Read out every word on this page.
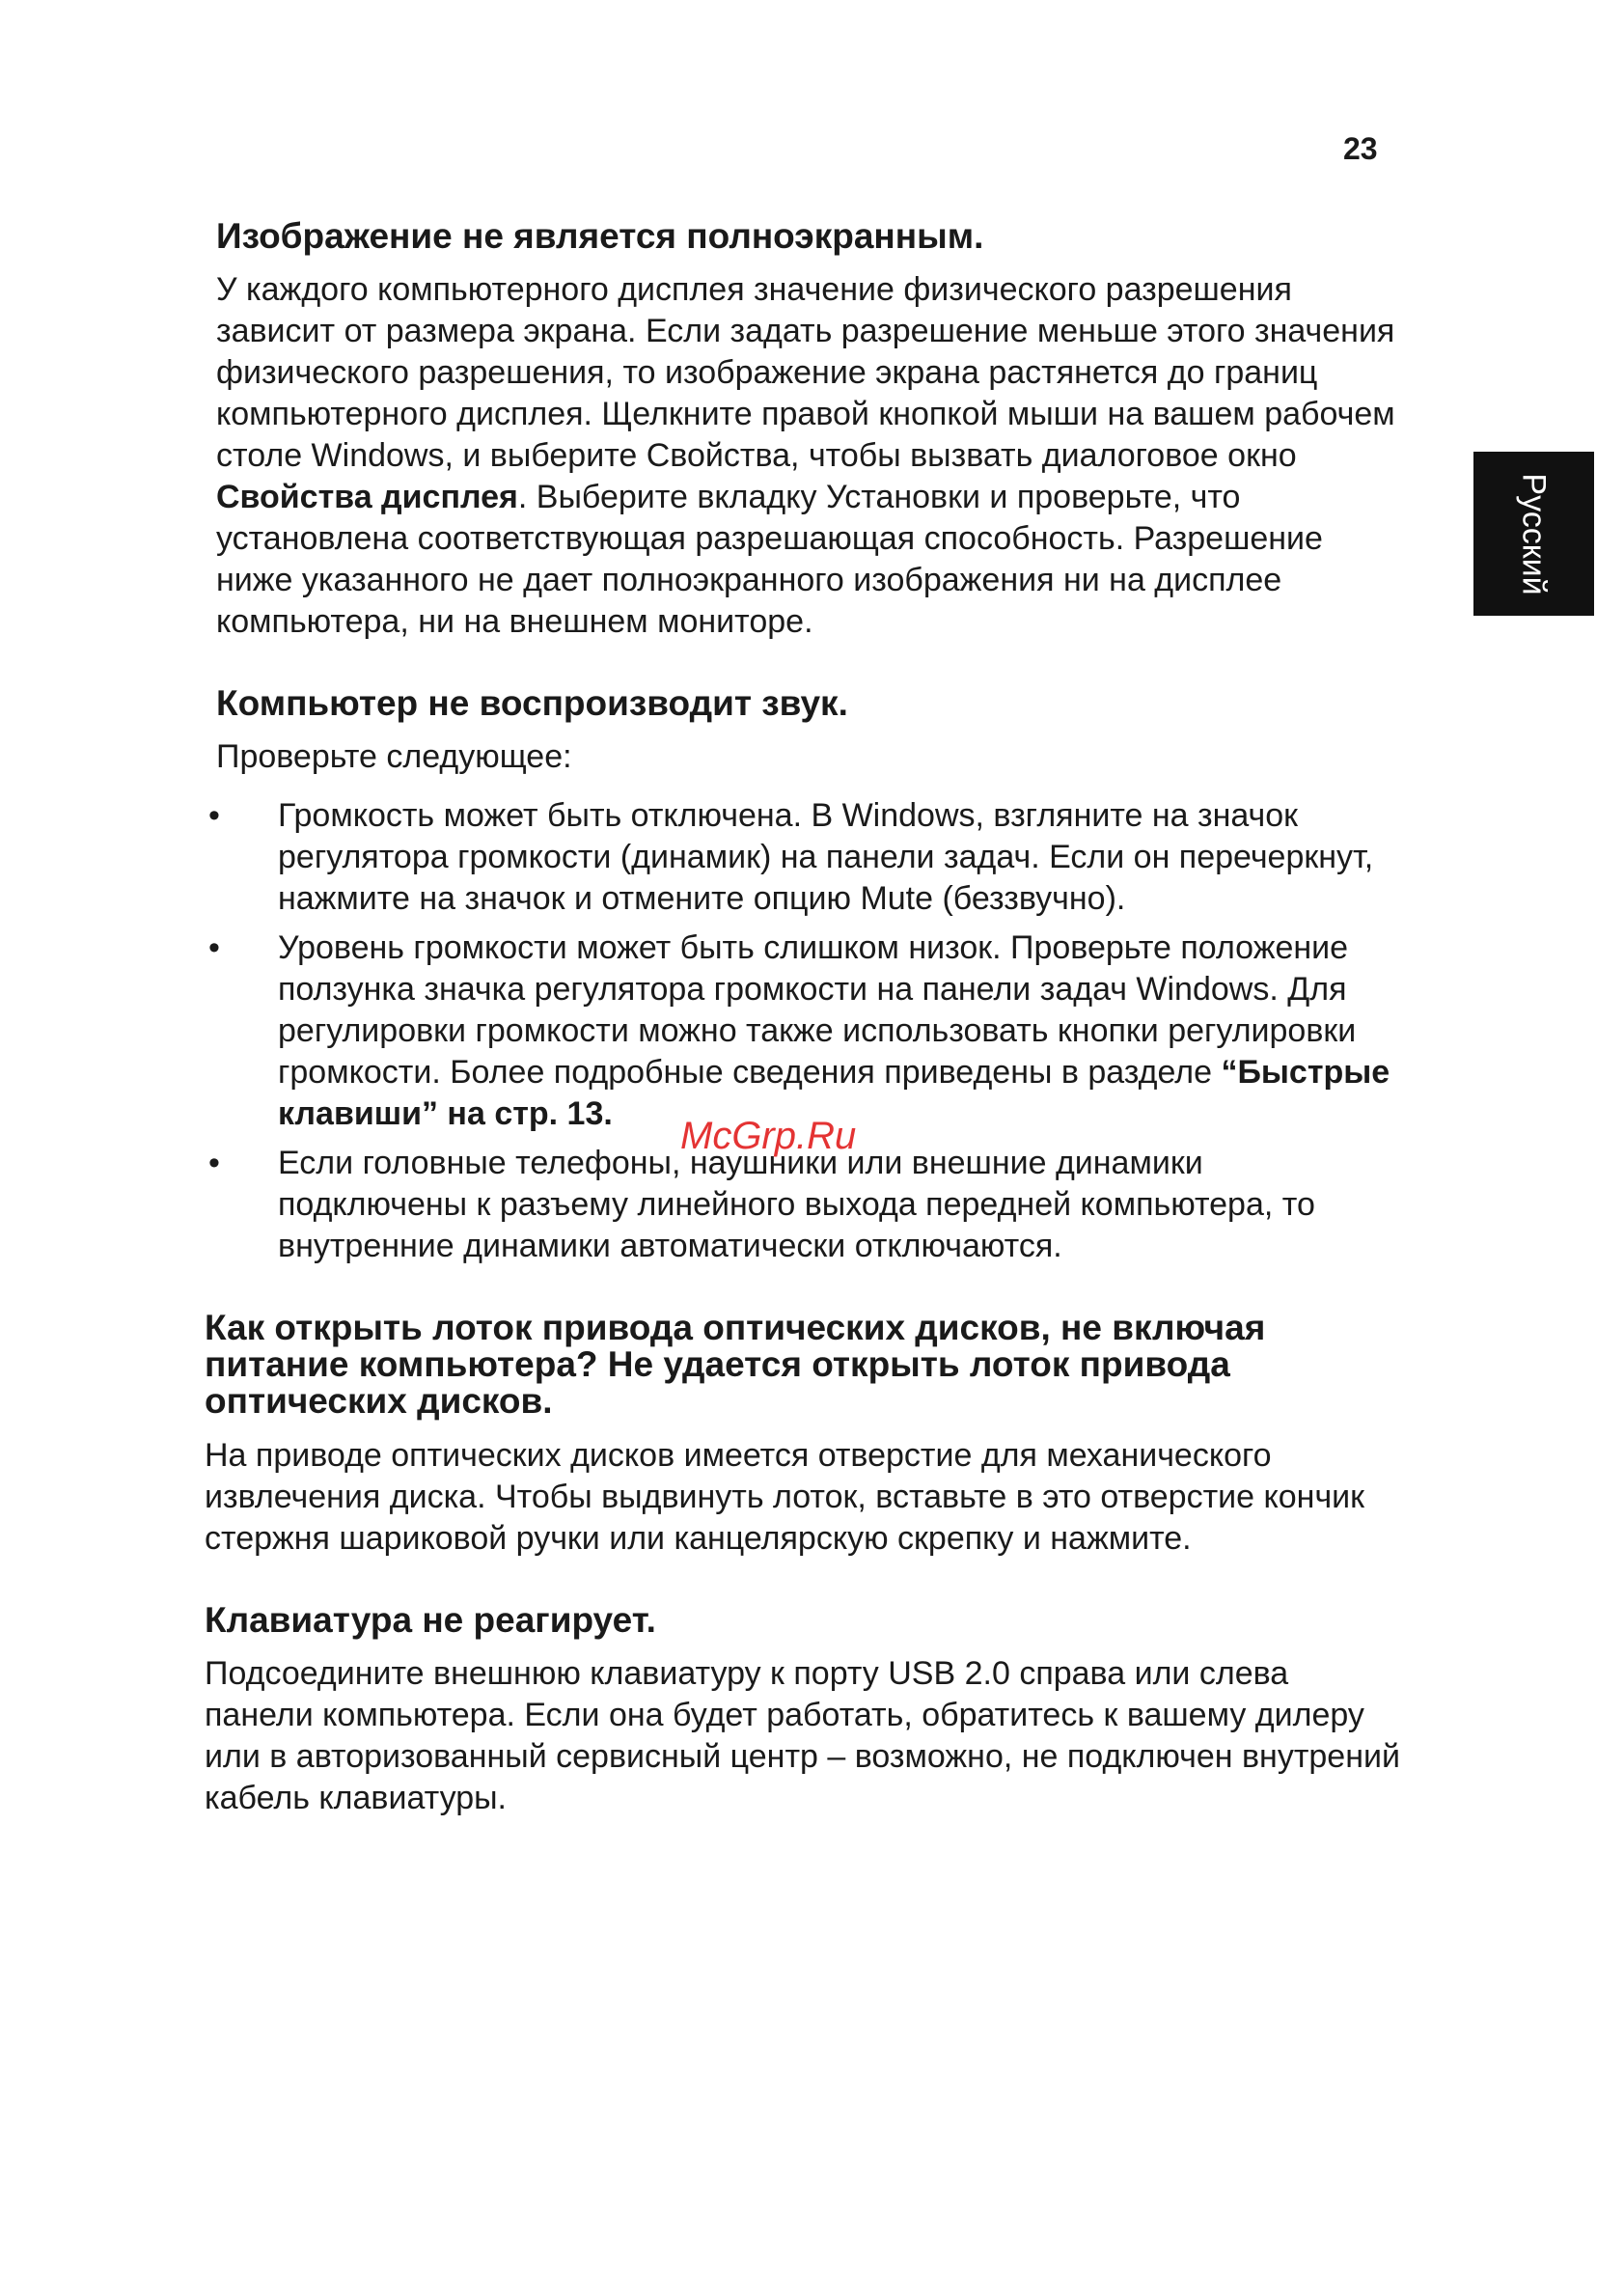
23
Русский
Изображение не является полноэкранным.

У каждого компьютерного дисплея значение физического разрешения зависит от размера экрана. Если задать разрешение меньше этого значения физического разрешения, то изображение экрана растянется до границ компьютерного дисплея. Щелкните правой кнопкой мыши на вашем рабочем столе Windows, и выберите Свойства, чтобы вызвать диалоговое окно Свойства дисплея. Выберите вкладку Установки и проверьте, что установлена соответствующая разрешающая способность. Разрешение ниже указанного не дает полноэкранного изображения ни на дисплее компьютера, ни на внешнем мониторе.

Компьютер не воспроизводит звук.

Проверьте следующее:

• Громкость может быть отключена. В Windows, взгляните на значок регулятора громкости (динамик) на панели задач. Если он перечеркнут, нажмите на значок и отмените опцию Mute (беззвучно).
• Уровень громкости может быть слишком низок. Проверьте положение ползунка значка регулятора громкости на панели задач Windows. Для регулировки громкости можно также использовать кнопки регулировки громкости. Более подробные сведения приведены в разделе “Быстрые клавиши” на стр. 13.
• Если головные телефоны, наушники или внешние динамики подключены к разъему линейного выхода передней компьютера, то внутренние динамики автоматически отключаются.
Как открыть лоток привода оптических дисков, не включая питание компьютера? Не удается открыть лоток привода оптических дисков.

На приводе оптических дисков имеется отверстие для механического извлечения диска. Чтобы выдвинуть лоток, вставьте в это отверстие кончик стержня шариковой ручки или канцелярскую скрепку и нажмите.

Клавиатура не реагирует.

Подсоедините внешнюю клавиатуру к порту USB 2.0 справа или слева панели компьютера. Если она будет работать, обратитесь к вашему дилеру или в авторизованный сервисный центр – возможно, не подключен внутрений кабель клавиатуры.

McGrp.Ru
